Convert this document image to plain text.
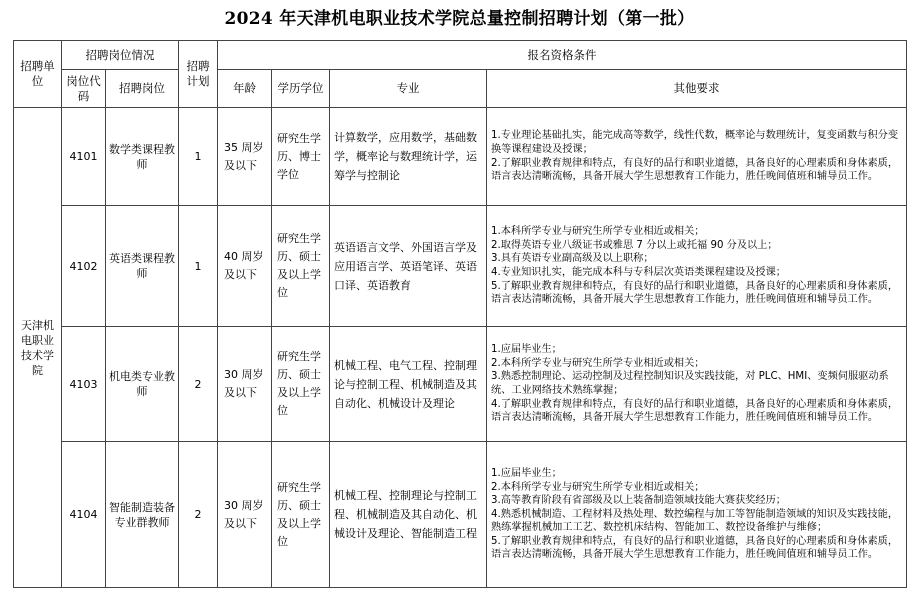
2024 年天津机电职业技术学院总量控制招聘计划（第一批）
招聘单位	招聘岗位情况		招聘计划	报名资格条件			
	岗位代码	招聘岗位		年龄	学历学位	专业	其他要求
天津机电职业技术学院	4101	数学类课程教师	1	35 周岁及以下	研究生学历、博士学位	计算数学，应用数学，基础数学，概率论与数理统计学，运筹学与控制论	1.专业理论基础扎实，能完成高等数学，线性代数，概率论与数理统计，复变函数与积分变换等课程建设及授课；
2.了解职业教育规律和特点，有良好的品行和职业道德，具备良好的心理素质和身体素质，语言表达清晰流畅，具备开展大学生思想教育工作能力，胜任晚间值班和辅导员工作。

	4102	英语类课程教师	1	40 周岁及以下	研究生学历、硕士及以上学位	英语语言文学、外国语言学及应用语言学、英语笔译、英语口译、英语教育	1.本科所学专业与研究生所学专业相近或相关；
2.取得英语专业八级证书或雅思 7 分以上或托福 90 分及以上；
3.具有英语专业副高级及以上职称；
4.专业知识扎实，能完成本科与专科层次英语类课程建设及授课；
5.了解职业教育规律和特点，有良好的品行和职业道德，具备良好的心理素质和身体素质，语言表达清晰流畅，具备开展大学生思想教育工作能力，胜任晚间值班和辅导员工作。

	4103	机电类专业教师	2	30 周岁及以下	研究生学历、硕士及以上学位	机械工程、电气工程、控制理论与控制工程、机械制造及其自动化、机械设计及理论	1.应届毕业生；
2.本科所学专业与研究生所学专业相近或相关；
3.熟悉控制理论、运动控制及过程控制知识及实践技能，对 PLC、HMI、变频伺服驱动系统、工业网络技术熟练掌握；
4.了解职业教育规律和特点，有良好的品行和职业道德，具备良好的心理素质和身体素质，语言表达清晰流畅，具备开展大学生思想教育工作能力，胜任晚间值班和辅导员工作。

	4104	智能制造装备专业群教师	2	30 周岁及以下	研究生学历、硕士及以上学位	机械工程、控制理论与控制工程、机械制造及其自动化、机械设计及理论、智能制造工程	1.应届毕业生；
2.本科所学专业与研究生所学专业相近或相关；
3.高等教育阶段有省部级及以上装备制造领域技能大赛获奖经历；
4.熟悉机械制造、工程材料及热处理、数控编程与加工等智能制造领域的知识及实践技能，熟练掌握机械加工工艺、数控机床结构、智能加工、数控设备维护与维修；
5.了解职业教育规律和特点，有良好的品行和职业道德，具备良好的心理素质和身体素质，语言表达清晰流畅，具备开展大学生思想教育工作能力，胜任晚间值班和辅导员工作。
